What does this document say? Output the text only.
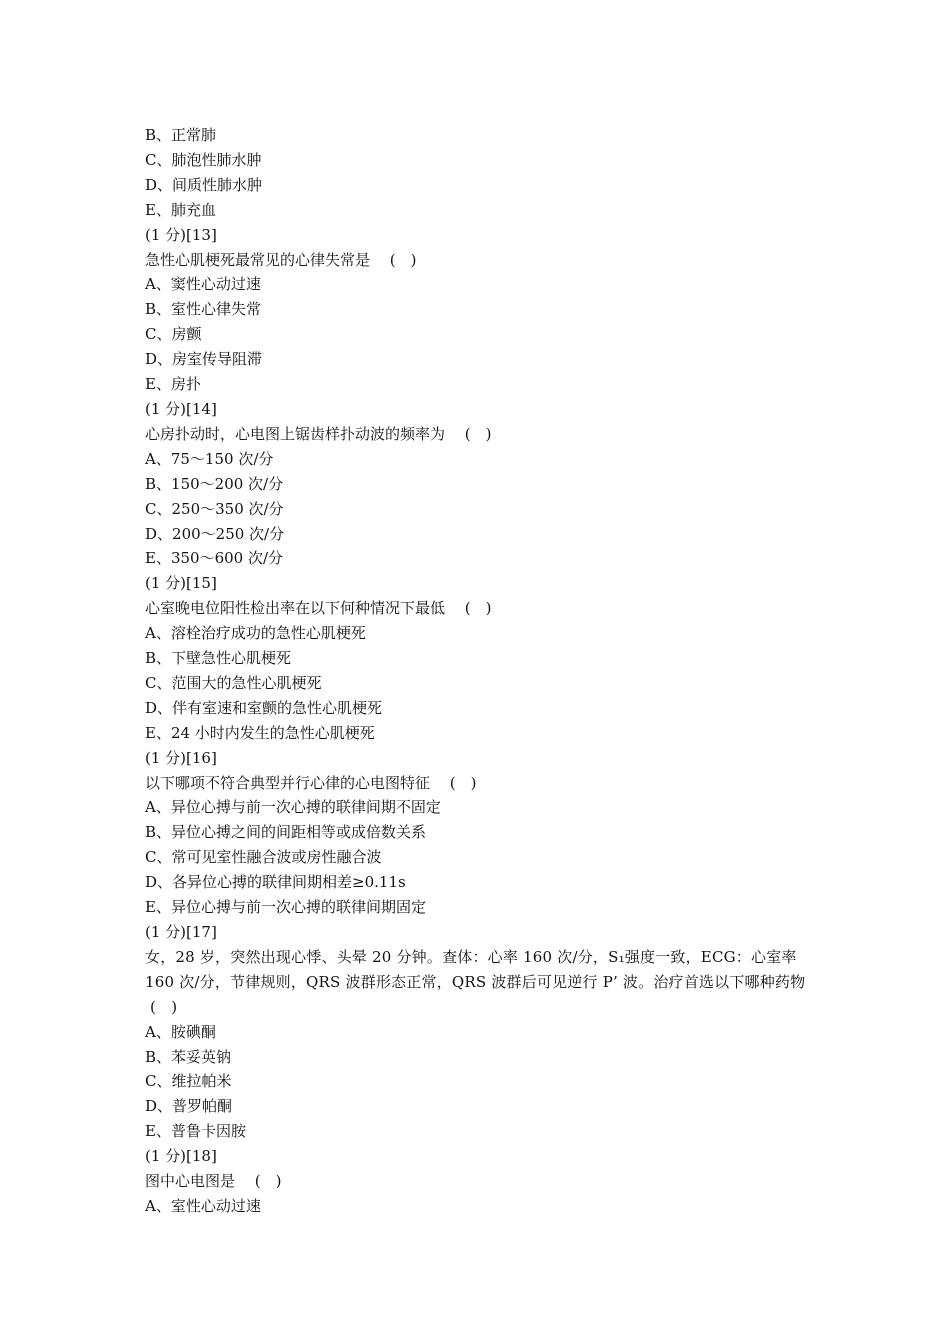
B、正常肺

C、肺泡性肺水肿

D、间质性肺水肿

E、肺充血

(1 分)[13]

急性心肌梗死最常见的心律失常是　 (　)

A、窦性心动过速

B、室性心律失常

C、房颤

D、房室传导阻滞

E、房扑

(1 分)[14]

心房扑动时，心电图上锯齿样扑动波的频率为　 (　)

A、75～150 次/分

B、150～200 次/分

C、250～350 次/分

D、200～250 次/分

E、350～600 次/分

(1 分)[15]

心室晚电位阳性检出率在以下何种情况下最低　 (　)

A、溶栓治疗成功的急性心肌梗死

B、下壁急性心肌梗死

C、范围大的急性心肌梗死

D、伴有室速和室颤的急性心肌梗死

E、24 小时内发生的急性心肌梗死

(1 分)[16]

以下哪项不符合典型并行心律的心电图特征　 (　)

A、异位心搏与前一次心搏的联律间期不固定

B、异位心搏之间的间距相等或成倍数关系

C、常可见室性融合波或房性融合波

D、各异位心搏的联律间期相差≥0.11s

E、异位心搏与前一次心搏的联律间期固定

(1 分)[17]

女，28 岁，突然出现心悸、头晕 20 分钟。查体：心率 160 次/分，S₁强度一致，ECG：心室率 160 次/分，节律规则，QRS 波群形态正常，QRS 波群后可见逆行 P’ 波。治疗首选以下哪种药物
(　)

A、胺碘酮

B、苯妥英钠

C、维拉帕米

D、普罗帕酮

E、普鲁卡因胺

(1 分)[18]

图中心电图是　 (　)

A、室性心动过速
